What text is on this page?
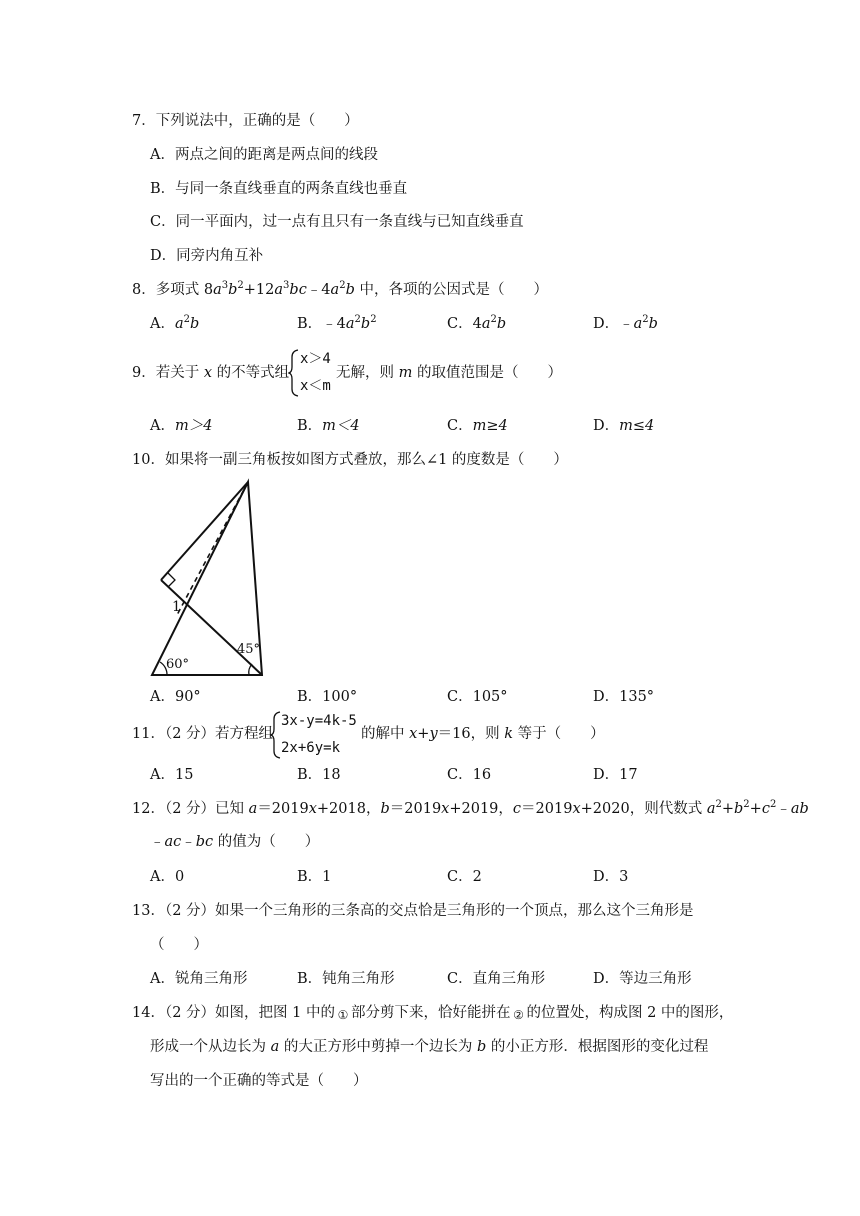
7．下列说法中，正确的是（　　）
A．两点之间的距离是两点间的线段
B．与同一条直线垂直的两条直线也垂直
C．同一平面内，过一点有且只有一条直线与已知直线垂直
D．同旁内角互补
8．多项式 $8a^3b^2+12a^3bc﹣4a^2b$ 中，各项的公因式是（　　）
A．$a^2b$	B．$﹣4a^2b^2$	C．$4a^2b$	D．$﹣a^2b$
9．若关于 x 的不等式组
x＞4
x＜m
无解，则 m 的取值范围是（　　）
A．m＞4	B．m＜4	C．m≥4	D．m≤4
10．如果将一副三角板按如图方式叠放，那么∠1 的度数是（　　）
1
60°
45°
A．90°	B．100°	C．105°	D．135°
11．（2 分）若方程组
3x-y=4k-5
2x+6y=k
的解中 x+y＝16，则 k 等于（　　）
A．15	B．18	C．16	D．17
12．（2 分）已知 a＝2019x+2018，b＝2019x+2019，c＝2019x+2020，则代数式 $a^2+b^2+c^2﹣ab$
﹣ac﹣bc 的值为（　　）
A．0	B．1	C．2	D．3
13．（2 分）如果一个三角形的三条高的交点恰是三角形的一个顶点，那么这个三角形是
（　　）
A．锐角三角形	B．钝角三角形	C．直角三角形	D．等边三角形
14．（2 分）如图，把图 1 中的 ① 部分剪下来，恰好能拼在 ② 的位置处，构成图 2 中的图形，
形成一个从边长为 a 的大正方形中剪掉一个边长为 b 的小正方形．根据图形的变化过程
写出的一个正确的等式是（　　）
